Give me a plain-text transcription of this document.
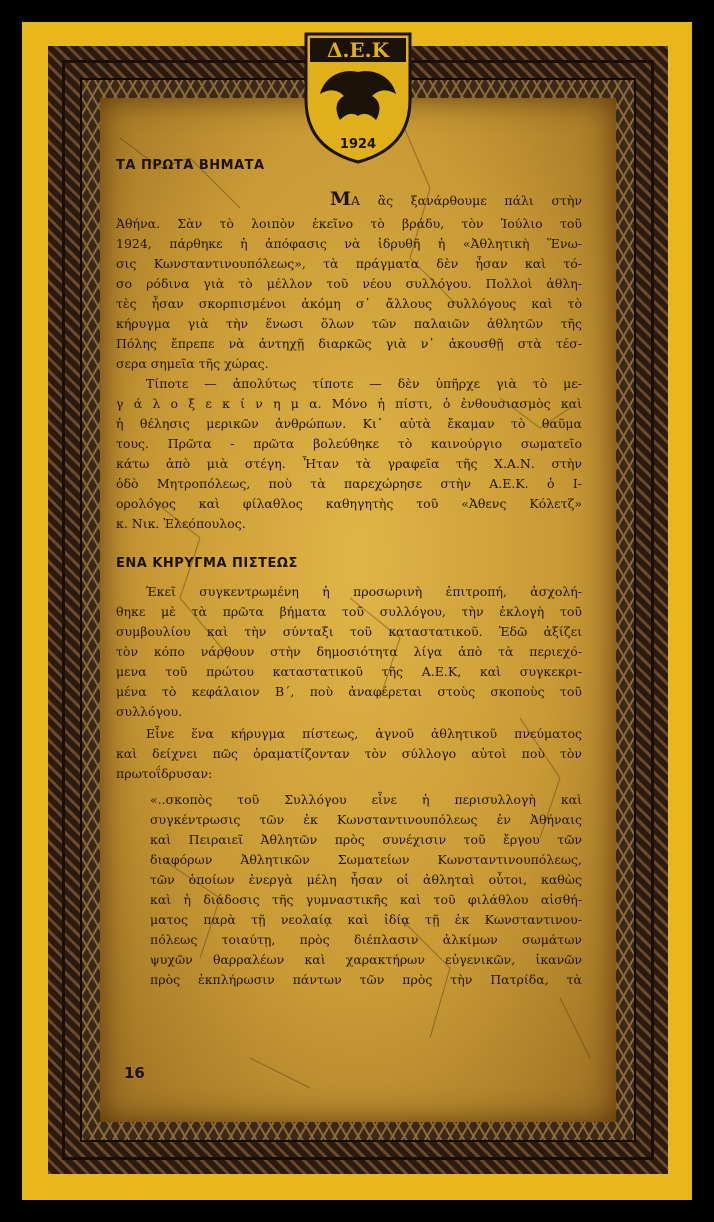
Δ.Ε.Κ
1924
ΤΑ ΠΡΩΤΑ ΒΗΜΑΤΑ
ΜΑ ἂς ξανάρθουμε πάλι στὴν
Ἀθήνα. Σὰν τὸ λοιπὸν ἐκεῖνο τὸ βράδυ, τὸν Ἰούλιο τοῦ
1924, πάρθηκε ἡ ἀπόφασις νὰ ἱδρυθῆ ἡ «Ἀθλητικὴ Ἕνω-
σις Κωνσταντινουπόλεως», τὰ πράγματα δὲν ἦσαν καὶ τό-
σο ρόδινα γιὰ τὸ μέλλον τοῦ νέου συλλόγου. Πολλοὶ ἀθλη-
τὲς ἦσαν σκορπισμένοι ἀκόμη σ᾿ ἄλλους συλλόγους καὶ τὸ
κήρυγμα γιὰ τὴν ἕνωσι ὅλων τῶν παλαιῶν ἀθλητῶν τῆς
Πόλης ἔπρεπε νὰ ἀντηχῇ διαρκῶς γιὰ ν᾿ ἀκουσθῇ στὰ τέσ-
σερα σημεῖα τῆς χώρας.
Τίποτε — ἀπολύτως τίποτε — δὲν ὑπῆρχε γιὰ τὸ με-
γ ά λ ο ξ ε κ ί ν η μ α. Μόνο ἡ πίστι, ὁ ἐνθουσιασμὸς καὶ
ἡ θέλησις μερικῶν ἀνθρώπων. Κι᾿ αὐτὰ ἔκαμαν τὸ θαῦμα
τους. Πρῶτα - πρῶτα βολεύθηκε τὸ καινούργιο σωματεῖο
κάτω ἀπὸ μιὰ στέγη. Ἦταν τὰ γραφεῖα τῆς Χ.Α.Ν. στὴν
ὁδὸ Μητροπόλεως, ποὺ τὰ παρεχώρησε στὴν Α.Ε.Κ. ὁ Ι-
ορολόγος καὶ φίλαθλος καθηγητὴς τοῦ «Ἀθενς Κόλετζ»
κ. Νικ. Ἐλεόπουλος.
ΕΝΑ ΚΗΡΥΓΜΑ ΠΙΣΤΕΩΣ
Ἐκεῖ συγκεντρωμένη ἡ προσωρινὴ ἐπιτροπή, ἀσχολή-
θηκε μὲ τὰ πρῶτα βήματα τοῦ συλλόγου, τὴν ἐκλογὴ τοῦ
συμβουλίου καὶ τὴν σύνταξι τοῦ καταστατικοῦ. Ἐδῶ ἀξίζει
τὸν κόπο νάρθουν στὴν δημοσιότητα λίγα ἀπὸ τὰ περιεχό-
μενα τοῦ πρώτου καταστατικοῦ τῆς Α.Ε.Κ, καὶ συγκεκρι-
μένα τὸ κεφάλαιον Β´, ποὺ ἀναφέρεται στοὺς σκοποὺς τοῦ
συλλόγου.
Εἶνε ἕνα κήρυγμα πίστεως, ἁγνοῦ ἀθλητικοῦ πνεύματος
καὶ δείχνει πῶς ὁραματίζονταν τὸν σύλλογο αὐτοὶ ποὺ τὸν
πρωτοΐδρυσαν:
«..σκοπὸς τοῦ Συλλόγου εἶνε ἡ περισυλλογὴ καὶ
συγκέντρωσις τῶν ἐκ Κωνσταντινουπόλεως ἐν Ἀθήναις
καὶ Πειραιεῖ Ἀθλητῶν πρὸς συνέχισιν τοῦ ἔργου τῶν
διαφόρων Ἀθλητικῶν Σωματείων Κωνσταντινουπόλεως,
τῶν ὁποίων ἐνεργὰ μέλη ἦσαν οἱ ἀθληταὶ οὗτοι, καθὼς
καὶ ἡ διάδοσις τῆς γυμναστικῆς καὶ τοῦ φιλάθλου αἰσθή-
ματος παρὰ τῇ νεολαίᾳ καὶ ἰδίᾳ τῇ ἐκ Κωνσταντινου-
πόλεως τοιαύτῃ, πρὸς διέπλασιν ἀλκίμων σωμάτων
ψυχῶν θαρραλέων καὶ χαρακτήρων εὐγενικῶν, ἱκανῶν
πρὸς ἐκπλήρωσιν πάντων τῶν πρὸς τὴν Πατρίδα, τὰ
16
